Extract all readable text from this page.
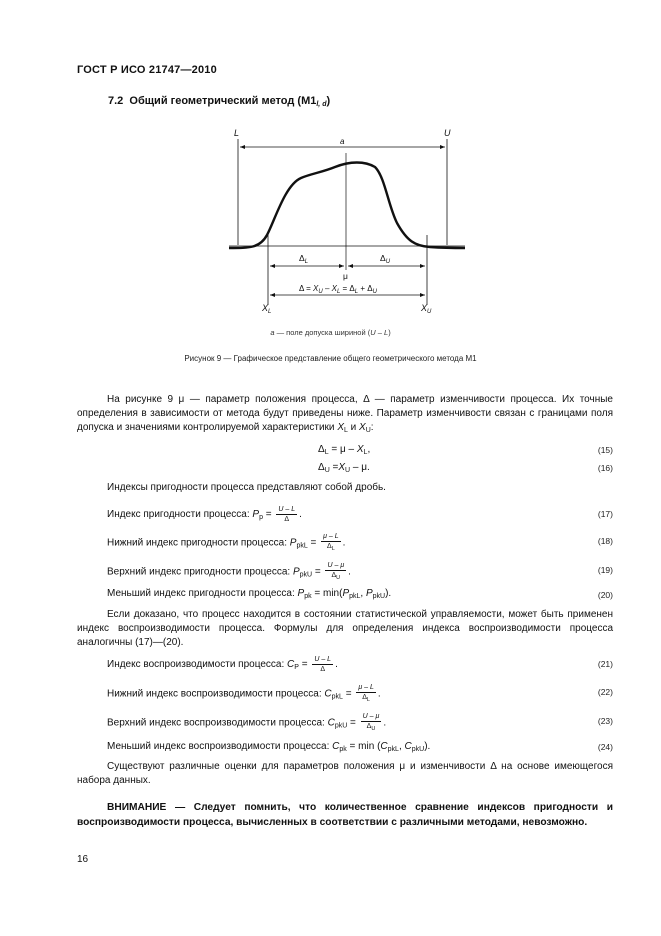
ГОСТ Р ИСО 21747—2010
7.2 Общий геометрический метод $(М1_{l, d})$
L	U
a
$\Delta_L$	$\Delta_U$
μ
$\Delta = X_U - X_L = \Delta_L + \Delta_U$
$X_L$	$X_U$
a — поле допуска шириной (U – L)
Рисунок 9 — Графическое представление общего геометрического метода М1
На рисунке 9 μ — параметр положения процесса, Δ — параметр изменчивости процесса. Их точные определения в зависимости от метода будут приведены ниже. Параметр изменчивости связан с границами поля допуска и значениями контролируемой характеристики $X_L$ и $X_U$:
$\Delta_L = \mu - X_L$,	(15)
$\Delta_U =X_U - \mu$.	(16)
Индексы пригодности процесса представляют собой дробь.
Индекс пригодности процесса: $P_p = \frac{U - L}{\Delta}$ .	(17)
Нижний индекс пригодности процесса: $P_{pkL} = \frac{\mu - L}{\Delta_L}$ .	(18)
Верхний индекс пригодности процесса: $P_{pkU} = \frac{U - \mu}{\Delta_U}$ .	(19)
Меньший индекс пригодности процесса: $P_{pk} = \min(P_{pkL}$, $P_{pkU}$).	(20)
Если доказано, что процесс находится в состоянии статистической управляемости, может быть применен индекс воспроизводимости процесса. Формулы для определения индекса воспроизводимости процесса аналогичны (17)—(20).
Индекс воспроизводимости процесса: $C_P = \frac{U - L}{\Delta}$ .	(21)
Нижний индекс воспроизводимости процесса: $C_{pkL} = \frac{\mu - L}{\Delta_L}$ .	(22)
Верхний индекс воспроизводимости процесса: $C_{pkU} = \frac{U - \mu}{\Delta_U}$ .	(23)
Меньший индекс воспроизводимости процесса: $C_{pk} = \min (C_{pkL}$, $C_{pkU}$).	(24)
Существуют различные оценки для параметров положения μ и изменчивости Δ на основе имеющегося набора данных.
ВНИМАНИЕ — Следует помнить, что количественное сравнение индексов пригодности и воспроизводимости процесса, вычисленных в соответствии с различными методами, невозможно.
16
